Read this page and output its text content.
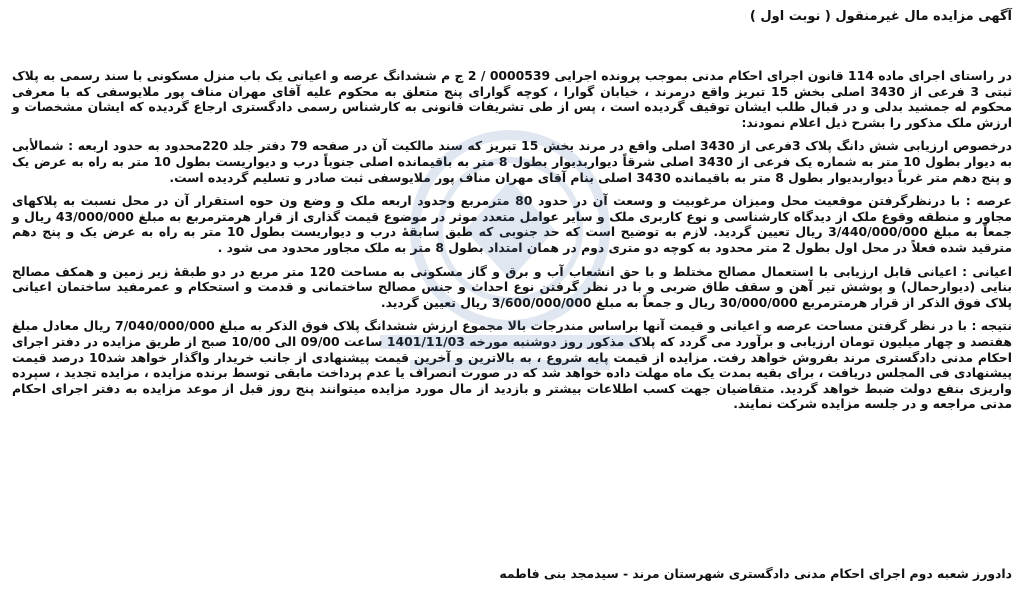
آگهی مزایده مال غیرمنقول ( نوبت اول )

در راستای اجرای ماده 114 قانون اجرای احکام مدنی بموجب پرونده اجرایی 0000539 / 2 ج م ششدانگ عرصه و اعیانی یک باب منزل مسکونی با سند رسمی به پلاک ثبتی 3 فرعی از 3430 اصلی بخش 15 تبریز واقع درمرند ، خیابان گوارا ، کوچه گوارای پنج متعلق به محکوم علیه آقای مهران مناف پور ملایوسفی که با معرفی محکوم له جمشید بدلی و در قبال طلب ایشان توقیف گردیده است ، پس از طی تشریفات قانونی به کارشناس رسمی دادگستری ارجاع گردیده که ایشان مشخصات و ارزش ملک مذکور را بشرح ذیل اعلام نمودند:

درخصوص ارزیابی شش دانگ پلاک 3فرعی از 3430 اصلی واقع در مرند بخش 15 تبریز که سند مالکیت آن در صفحه 79 دفتر جلد 220محدود به حدود اربعه : شمالأبی به دیوار بطول 10 متر به شماره یک فرعی از 3430 اصلی شرقاً دیواربدیوار بطول 8 متر به باقیمانده اصلی جنوباً درب و دیواریست بطول 10 متر به راه به عرض یک و پنج دهم متر غرباً دیواربدیوار بطول 8 متر به باقیمانده 3430 اصلی بنام آقای مهران مناف پور ملایوسفی ثبت صادر و تسلیم گردیده است.

عرصه : با درنظرگرفتن موقعیت محل ومیزان مرغوبیت و وسعت آن در حدود 80 مترمربع وحدود اربعه ملک و وضع ون حوه استقرار آن در محل نسبت به پلاکهای مجاور و منطقه وقوع ملک از دیدگاه کارشناسی و نوع کاربری ملک و سایر عوامل متعدد موثر در موضوع قیمت گذاری از قرار هرمترمربع به مبلغ 43/000/000 ریال و جمعاً به مبلغ 3/440/000/000 ریال تعیین گردید. لازم به توضیح است که حد جنوبی که طبق سابقهٔ درب و دیواریست بطول 10 متر به راه به عرض یک و پنج دهم مترقید شده فعلاً در محل اول بطول 2 متر محدود به کوچه دو متری دوم در همان امتداد بطول 8 متر به ملک مجاور محدود می شود .

اعیانی : اعیانی قابل ارزیابی با استعمال مصالح مختلط و با حق انشعاب آب و برق و گاز مسکونی به مساحت 120 متر مربع در دو طبقهٔ زیر زمین و همکف مصالح بنایی (دیوارحمال) و پوشش تیر آهن و سقف طاق ضربی و با در نظر گرفتن نوع احداث و جنس مصالح ساختمانی و قدمت و استحکام و عمرمفید ساختمان اعیانی پلاک فوق الذکر از قرار هرمترمربع 30/000/000 ریال و جمعاً به مبلغ 3/600/000/000 ریال تعیین گردید.

نتیجه : با در نظر گرفتن مساحت عرصه و اعیانی و قیمت آنها براساس مندرجات بالا مجموع ارزش ششدانگ پلاک فوق الذکر به مبلغ 7/040/000/000 ریال معادل مبلغ هفتصد و چهار میلیون تومان ارزیابی و برآورد می گردد که پلاک مذکور روز دوشنبه مورخه 1401/11/03 ساعت 09/00 الی 10/00 صبح از طریق مزایده در دفتر اجرای احکام مدنی دادگستری مرند بفروش خواهد رفت. مزایده از قیمت پایه شروع ، به بالاترین و آخرین قیمت پیشنهادی از جانب خریدار واگذار خواهد شد10 درصد قیمت پیشنهادی فی المجلس دریافت ، برای بقیه بمدت یک ماه مهلت داده خواهد شد که در صورت انصراف یا عدم پرداخت مابقی توسط برنده مزایده ، مزایده تجدید ، سپرده واریزی بنفع دولت ضبط خواهد گردید. متقاضیان جهت کسب اطلاعات بیشتر و بازدید از مال مورد مزایده میتوانند پنج روز قبل از موعد مزایده به دفتر اجرای احکام مدنی مراجعه و در جلسه مزایده شرکت نمایند.

دادورز شعبه دوم اجرای احکام مدنی دادگستری شهرستان مرند - سیدمجد بنی فاطمه
